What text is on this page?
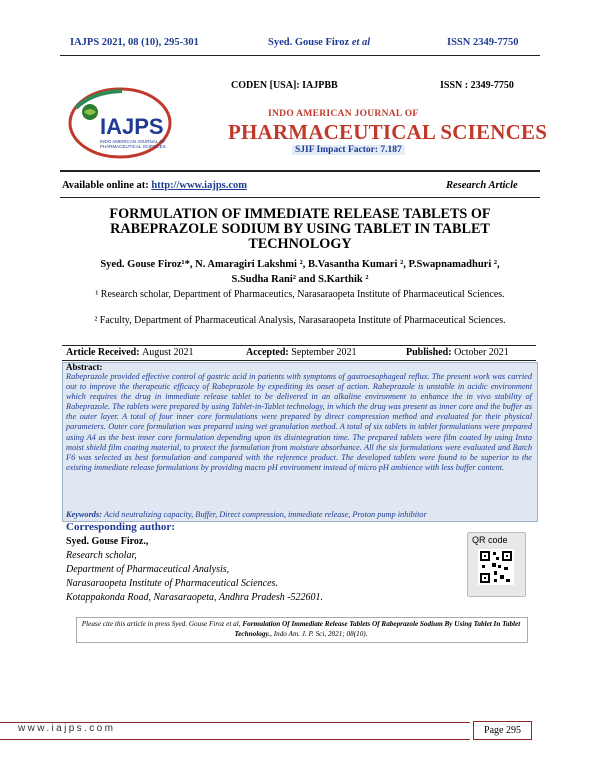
IAJPS 2021, 08 (10), 295-301	Syed. Gouse Firoz et al	ISSN 2349-7750
CODEN [USA]: IAJPBB	ISSN : 2349-7750
IAJPS
INDO AMERICAN JOURNAL OF
PHARMACEUTICAL SCIENCES
INDO AMERICAN JOURNAL OF
PHARMACEUTICAL SCIENCES
SJIF Impact Factor: 7.187
Available online at: http://www.iajps.com	Research Article
FORMULATION OF IMMEDIATE RELEASE TABLETS OF RABEPRAZOLE SODIUM BY USING TABLET IN TABLET TECHNOLOGY
Syed. Gouse Firoz¹*, N. Amaragiri Lakshmi ², B.Vasantha Kumari ², P.Swapnamadhuri ²,
S.Sudha Rani² and S.Karthik ²
¹ Research scholar, Department of Pharmaceutics, Narasaraopeta Institute of Pharmaceutical Sciences.
² Faculty, Department of Pharmaceutical Analysis, Narasaraopeta Institute of Pharmaceutical Sciences.
Article Received: August 2021	Accepted: September 2021	Published: October 2021
Abstract:
Rabeprazole provided effective control of gastric acid in patients with symptoms of gastroesophageal reflux. The present work was carried out to improve the therapeutic efficacy of Rabeprazole by expediting its onset of action. Rabeprazole is unstable in acidic environment which requires the drug in immediate release tablet to be delivered in an alkaline environment to enhance the in vivo stability of Rabeprazole. The tablets were prepared by using Tablet-in-Tablet technology, in which the drug was present as inner core and the buffer as the outer layer. A total of four inner core formulations were prepared by direct compression method and evaluated for their physical parameters. Outer core formulation was prepared using wet granulation method. A total of six tablets in tablet formulations were prepared using A4 as the best inner core formulation depending upon its disintegration time. The prepared tablets were film coated by using Insta moist shield film coating material, to protect the formulation from moisture absorbance. All the six formulations were evaluated and Batch F6 was selected as best formulation and compared with the reference product. The developed tablets were found to be superior to the existing immediate release formulations by providing macro pH environment instead of micro pH ambience with less buffer content.
Keywords: Acid neutralizing capacity, Buffer, Direct compression, immediate release, Proton pump inhibitor
Corresponding author:
Syed. Gouse Firoz.,
Research scholar,
Department of Pharmaceutical Analysis,
Narasaraopeta Institute of Pharmaceutical Sciences.
Kotappakonda Road, Narasaraopeta, Andhra Pradesh -522601.
QR code
Please cite this article in press Syed. Gouse Firoz et al, Formulation Of Immediate Release Tablets Of Rabeprazole Sodium By Using Tablet In Tablet Technology., Indo Am. J. P. Sci, 2021; 08(10).
www.iajps.com	Page 295
